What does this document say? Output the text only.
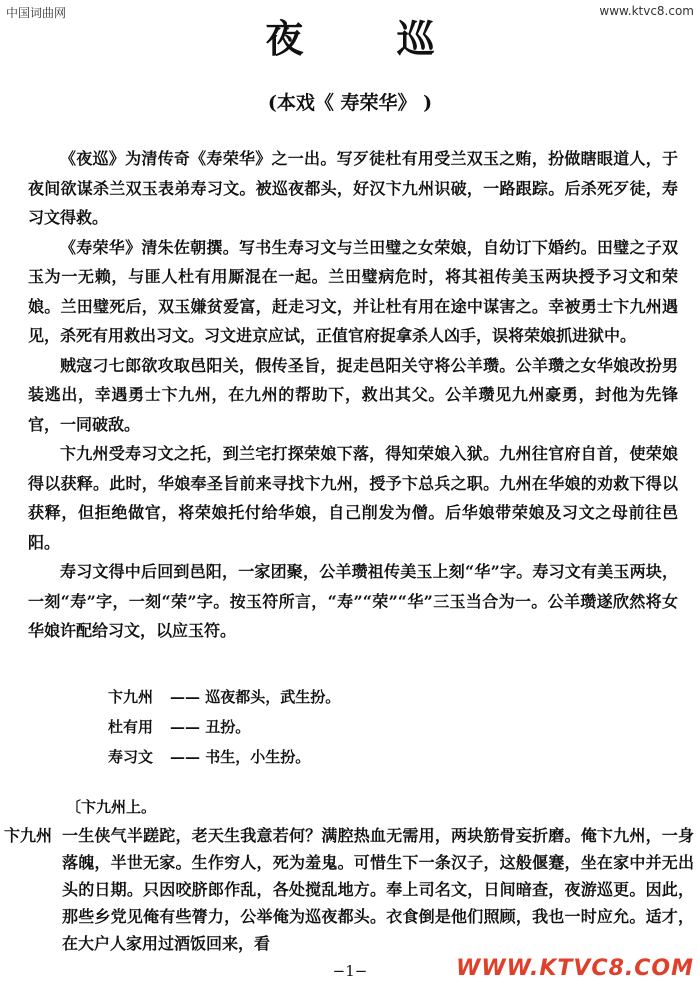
中国词曲网	www.ktvc8.com
夜 巡
(本戏《 寿荣华》 )

《夜巡》为清传奇《寿荣华》之一出。写歹徒杜有用受兰双玉之贿，扮做瞎眼道人，于夜间欲谋杀兰双玉表弟寿习文。被巡夜都头，好汉卞九州识破，一路跟踪。后杀死歹徒，寿习文得救。

《寿荣华》清朱佐朝撰。写书生寿习文与兰田璧之女荣娘，自幼订下婚约。田璧之子双玉为一无赖，与匪人杜有用厮混在一起。兰田璧病危时，将其祖传美玉两块授予习文和荣娘。兰田璧死后，双玉嫌贫爱富，赶走习文，并让杜有用在途中谋害之。幸被勇士卞九州遇见，杀死有用救出习文。习文进京应试，正值官府捉拿杀人凶手，误将荣娘抓进狱中。

贼寇刁七郎欲攻取邑阳关，假传圣旨，捉走邑阳关守将公羊瓒。公羊瓒之女华娘改扮男装逃出，幸遇勇士卞九州，在九州的帮助下，救出其父。公羊瓒见九州豪勇，封他为先锋官，一同破敌。

卞九州受寿习文之托，到兰宅打探荣娘下落，得知荣娘入狱。九州往官府自首，使荣娘得以获释。此时，华娘奉圣旨前来寻找卞九州，授予卞总兵之职。九州在华娘的劝救下得以获释，但拒绝做官，将荣娘托付给华娘，自己削发为僧。后华娘带荣娘及习文之母前往邑阳。

寿习文得中后回到邑阳，一家团聚，公羊瓒祖传美玉上刻“华”字。寿习文有美玉两块，一刻“寿”字，一刻“荣”字。按玉符所言，“寿”“荣”“华”三玉当合为一。公羊瓒遂欣然将女华娘许配给习文，以应玉符。

卞九州	—— 巡夜都头，武生扮。
杜有用	—— 丑扮。
寿习文	—— 书生，小生扮。
〔卞九州上。
卞九州 一生侠气半蹉跎，老天生我意若何？满腔热血无需用，两块筋骨妄折磨。俺卞九州，一身落魄，半世无家。生作穷人，死为羞鬼。可惜生下一条汉子，这般偃蹇，坐在家中并无出头的日期。只因咬脐郎作乱，各处搅乱地方。奉上司名文，日间暗查，夜游巡更。因此，那些乡党见俺有些膂力，公举俺为巡夜都头。衣食倒是他们照顾，我也一时应允。适才，在大户人家用过酒饭回来，看
−1−	WWW.KTVC8.COM
